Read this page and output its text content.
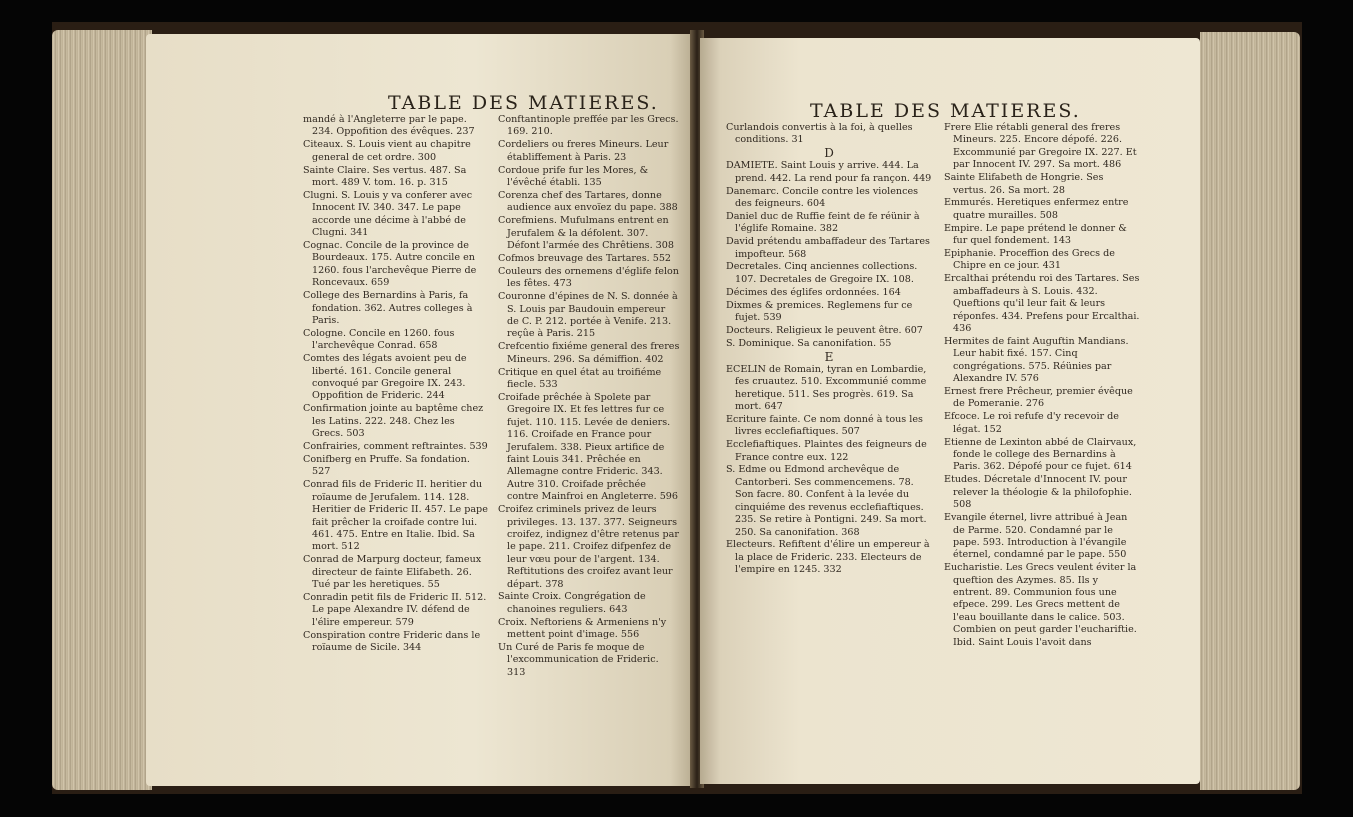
TABLE DES MATIERES.

mandé à l'Angleterre par le pape. 234. Oppofition des évêques. 237

Citeaux. S. Louis vient au chapitre general de cet ordre. 300

Sainte Claire. Ses vertus. 487. Sa mort. 489 V. tom. 16. p. 315

Clugni. S. Louis y va conferer avec Innocent IV. 340. 347. Le pape accorde une décime à l'abbé de Clugni. 341

Cognac. Concile de la province de Bourdeaux. 175. Autre concile en 1260. fous l'archevêque Pierre de Roncevaux. 659

College des Bernardins à Paris, fa fondation. 362. Autres colleges à Paris.

Cologne. Concile en 1260. fous l'archevêque Conrad. 658

Comtes des légats avoient peu de liberté. 161. Concile general convoqué par Gregoire IX. 243. Oppofition de Frideric. 244

Confirmation jointe au baptême chez les Latins. 222. 248. Chez les Grecs. 503

Confrairies, comment reftraintes. 539

Conifberg en Pruffe. Sa fondation. 527

Conrad fils de Frideric II. heritier du roïaume de Jerufalem. 114. 128. Heritier de Frideric II. 457. Le pape fait prêcher la croifade contre lui. 461. 475. Entre en Italie. Ibid. Sa mort. 512

Conrad de Marpurg docteur, fameux directeur de fainte Elifabeth. 26. Tué par les heretiques. 55

Conradin petit fils de Frideric II. 512. Le pape Alexandre IV. défend de l'élire empereur. 579

Conspiration contre Frideric dans le roïaume de Sicile. 344

Conftantinople preffée par les Grecs. 169. 210.

Cordeliers ou freres Mineurs. Leur établiffement à Paris. 23

Cordoue prife fur les Mores, & l'évêché établi. 135

Corenza chef des Tartares, donne audience aux envoïez du pape. 388

Corefmiens. Mufulmans entrent en Jerufalem & la défolent. 307. Défont l'armée des Chrêtiens. 308

Cofmos breuvage des Tartares. 552

Couleurs des ornemens d'églife felon les fêtes. 473

Couronne d'épines de N. S. donnée à S. Louis par Baudouin empereur de C. P. 212. portée à Venife. 213. reçûe à Paris. 215

Crefcentio fixiéme general des freres Mineurs. 296. Sa démiffion. 402

Critique en quel état au troifiéme fiecle. 533

Croifade prêchée à Spolete par Gregoire IX. Et fes lettres fur ce fujet. 110. 115. Levée de deniers. 116. Croifade en France pour Jerufalem. 338. Pieux artifice de faint Louis 341. Prêchée en Allemagne contre Frideric. 343. Autre 310. Croifade prêchée contre Mainfroi en Angleterre. 596

Croifez criminels privez de leurs privileges. 13. 137. 377. Seigneurs croifez, indignez d'être retenus par le pape. 211. Croifez difpenfez de leur vœu pour de l'argent. 134. Reftitutions des croifez avant leur départ. 378

Sainte Croix. Congrégation de chanoines reguliers. 643

Croix. Neftoriens & Armeniens n'y mettent point d'image. 556

Un Curé de Paris fe moque de l'excommunication de Frideric. 313

TABLE DES MATIERES.

Curlandois convertis à la foi, à quelles conditions. 31

D

DAMIETE. Saint Louis y arrive. 444. La prend. 442. La rend pour fa rançon. 449

Danemarc. Concile contre les violences des feigneurs. 604

Daniel duc de Ruffie feint de fe réünir à l'églife Romaine. 382

David prétendu ambaffadeur des Tartares impofteur. 568

Decretales. Cinq anciennes collections. 107. Decretales de Gregoire IX. 108.

Décimes des églifes ordonnées. 164

Dixmes & premices. Reglemens fur ce fujet. 539

Docteurs. Religieux le peuvent être. 607

S. Dominique. Sa canonifation. 55

E

ECELIN de Romain, tyran en Lombardie, fes cruautez. 510. Excommunié comme heretique. 511. Ses progrès. 619. Sa mort. 647

Ecriture fainte. Ce nom donné à tous les livres ecclefiaftiques. 507

Ecclefiaftiques. Plaintes des feigneurs de France contre eux. 122

S. Edme ou Edmond archevêque de Cantorberi. Ses commencemens. 78. Son facre. 80. Confent à la levée du cinquiéme des revenus ecclefiaftiques. 235. Se retire à Pontigni. 249. Sa mort. 250. Sa canonifation. 368

Electeurs. Refiftent d'élire un empereur à la place de Frideric. 233. Electeurs de l'empire en 1245. 332

Frere Elie rétabli general des freres Mineurs. 225. Encore dépofé. 226. Excommunié par Gregoire IX. 227. Et par Innocent IV. 297. Sa mort. 486

Sainte Elifabeth de Hongrie. Ses vertus. 26. Sa mort. 28

Emmurés. Heretiques enfermez entre quatre murailles. 508

Empire. Le pape prétend le donner & fur quel fondement. 143

Epiphanie. Proceffion des Grecs de Chipre en ce jour. 431

Ercalthai prétendu roi des Tartares. Ses ambaffadeurs à S. Louis. 432. Queftions qu'il leur fait & leurs réponfes. 434. Prefens pour Ercalthai. 436

Hermites de faint Auguftin Mandians. Leur habit fixé. 157. Cinq congrégations. 575. Réünies par Alexandre IV. 576

Ernest frere Prêcheur, premier évêque de Pomeranie. 276

Efcoce. Le roi refufe d'y recevoir de légat. 152

Etienne de Lexinton abbé de Clairvaux, fonde le college des Bernardins à Paris. 362. Dépofé pour ce fujet. 614

Etudes. Décretale d'Innocent IV. pour relever la théologie & la philofophie. 508

Evangile éternel, livre attribué à Jean de Parme. 520. Condamné par le pape. 593. Introduction à l'évangile éternel, condamné par le pape. 550

Eucharistie. Les Grecs veulent éviter la queftion des Azymes. 85. Ils y entrent. 89. Communion fous une efpece. 299. Les Grecs mettent de l'eau bouillante dans le calice. 503. Combien on peut garder l'euchariftie. Ibid. Saint Louis l'avoit dans
